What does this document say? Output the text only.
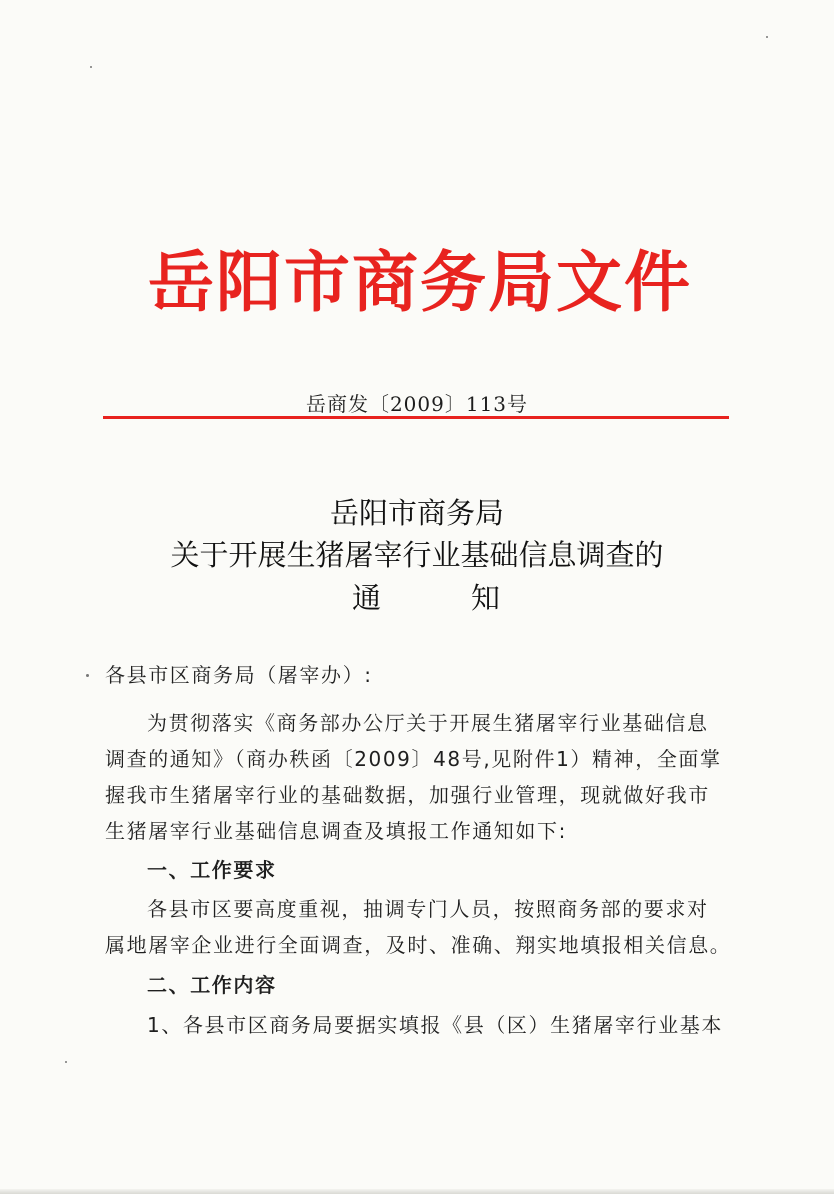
岳阳市商务局文件
岳商发〔2009〕113号
岳阳市商务局
关于开展生猪屠宰行业基础信息调查的
通	知
各县市区商务局（屠宰办）:
为贯彻落实《商务部办公厅关于开展生猪屠宰行业基础信息
调查的通知》（商办秩函〔2009〕48号,见附件1）精神，全面掌
握我市生猪屠宰行业的基础数据，加强行业管理，现就做好我市
生猪屠宰行业基础信息调查及填报工作通知如下:
一、工作要求
各县市区要高度重视，抽调专门人员，按照商务部的要求对
属地屠宰企业进行全面调查，及时、准确、翔实地填报相关信息。
二、工作内容
1、各县市区商务局要据实填报《县（区）生猪屠宰行业基本
